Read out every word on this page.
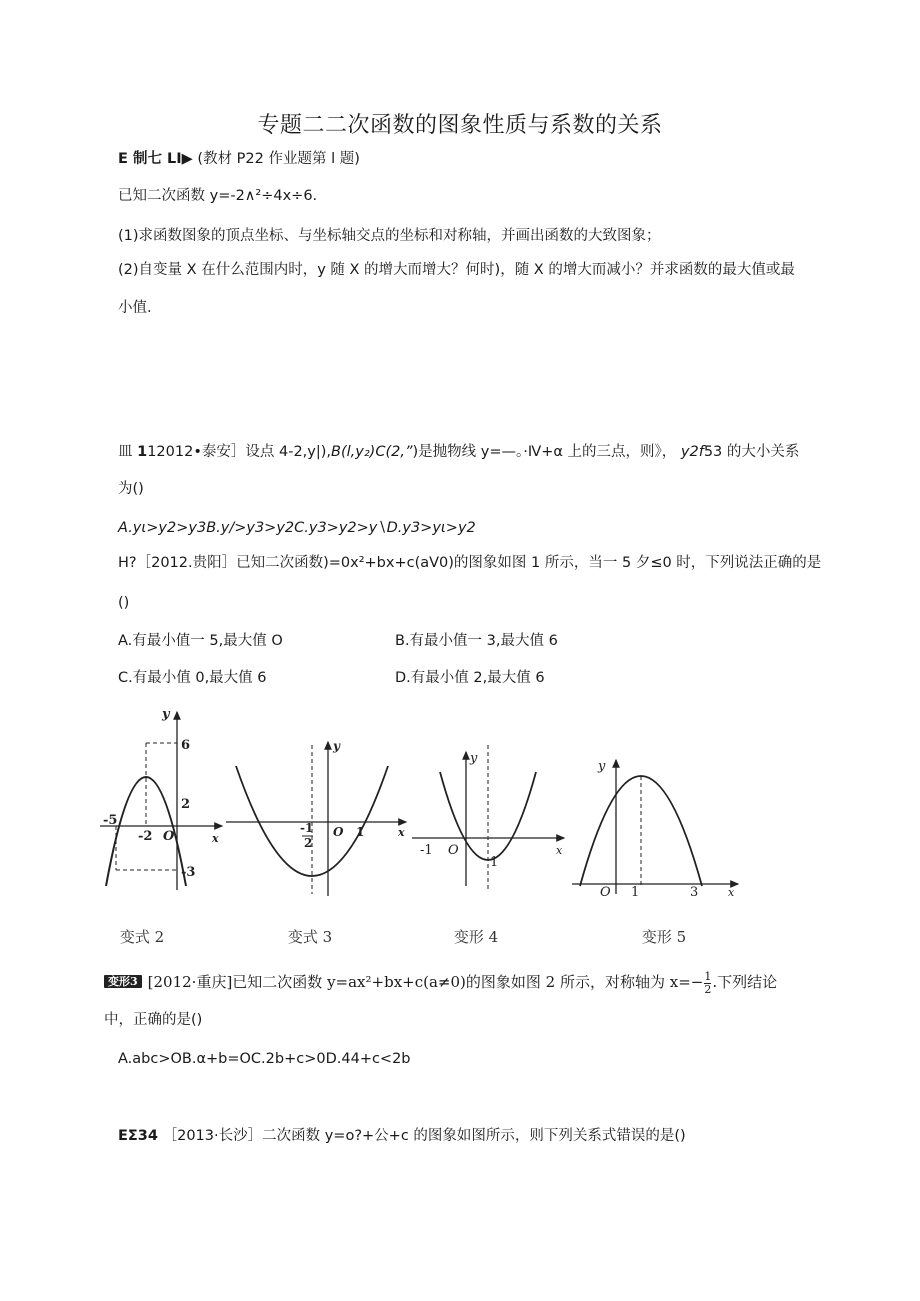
专题二二次函数的图象性质与系数的关系
E 制七 LI▶ (教材 P22 作业题第 l 题)
已知二次函数 y=-2∧²÷4x÷6.
(1)求函数图象的顶点坐标、与坐标轴交点的坐标和对称轴，并画出函数的大致图象；
(2)自变量 X 在什么范围内时，y 随 X 的增大而增大？何时)，随 X 的增大而减小？并求函数的最大值或最
小值.
皿 112012•泰安］设点 4-2,y|),B(l,y₂)C(2,”)是抛物线 y=—。·Ⅳ+α 上的三点，则》， y2f53 的大小关系
为()
A.yι>y2>y3B.y/>y3>y2C.y3>y2>y∖D.y3>yι>y2
H?［2012.贵阳］已知二次函数)=0x²+bx+c(aV0)的图象如图 1 所示，当一 5 夕≤0 时，下列说法正确的是
()
A.有最小值一 5,最大值 O	B.有最小值一 3,最大值 6
C.有最小值 0,最大值 6	D.有最小值 2,最大值 6
y
x
6
2
-5
-2 O
-3
变式 2
y
x
-1
2
O 1
变式 3
y
x
-1 O
1
变形 4
y
x
O 1	3
变形 5
变形3 [2012·重庆]已知二次函数 y=ax²+bx+c(a≠0)的图象如图 2 所示，对称轴为 $x=- \frac{1}{2}$ .下列结论
中，正确的是()
A.abc>OB.α+b=OC.2b+c>0D.44+c<2b
EΣ34 ［2013·长沙］二次函数 y=o?+公+c 的图象如图所示，则下列关系式错误的是()
